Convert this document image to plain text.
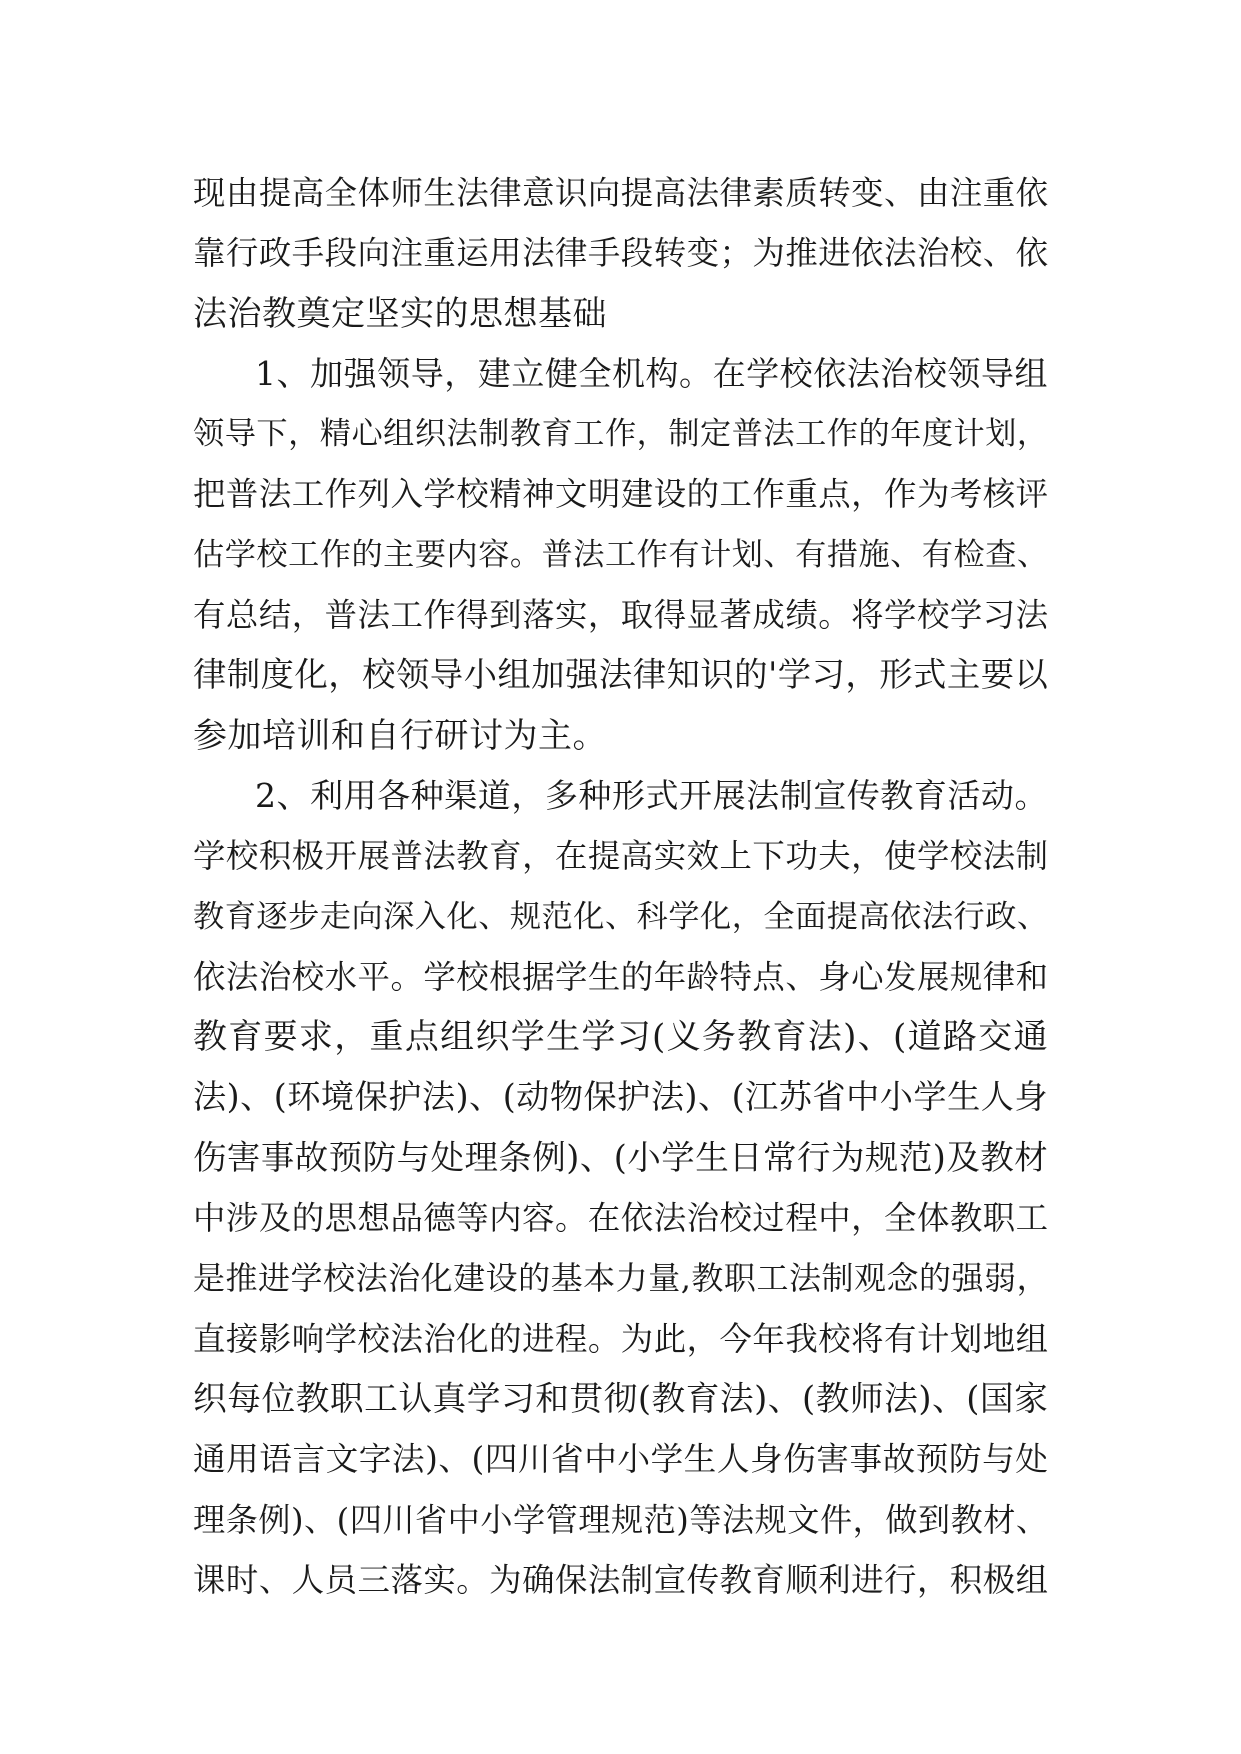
现由提高全体师生法律意识向提高法律素质转变、由注重依
靠行政手段向注重运用法律手段转变；为推进依法治校、依
法治教奠定坚实的思想基础
1、加强领导，建立健全机构。在学校依法治校领导组
领导下，精心组织法制教育工作，制定普法工作的年度计划，
把普法工作列入学校精神文明建设的工作重点，作为考核评
估学校工作的主要内容。普法工作有计划、有措施、有检查、
有总结，普法工作得到落实，取得显著成绩。将学校学习法
律制度化，校领导小组加强法律知识的'学习，形式主要以
参加培训和自行研讨为主。
2、利用各种渠道，多种形式开展法制宣传教育活动。
学校积极开展普法教育，在提高实效上下功夫，使学校法制
教育逐步走向深入化、规范化、科学化，全面提高依法行政、
依法治校水平。学校根据学生的年龄特点、身心发展规律和
教育要求，重点组织学生学习(义务教育法)、(道路交通
法)、(环境保护法)、(动物保护法)、(江苏省中小学生人身
伤害事故预防与处理条例)、(小学生日常行为规范)及教材
中涉及的思想品德等内容。在依法治校过程中，全体教职工
是推进学校法治化建设的基本力量,教职工法制观念的强弱，
直接影响学校法治化的进程。为此，今年我校将有计划地组
织每位教职工认真学习和贯彻(教育法)、(教师法)、(国家
通用语言文字法)、(四川省中小学生人身伤害事故预防与处
理条例)、(四川省中小学管理规范)等法规文件，做到教材、
课时、人员三落实。为确保法制宣传教育顺利进行，积极组
